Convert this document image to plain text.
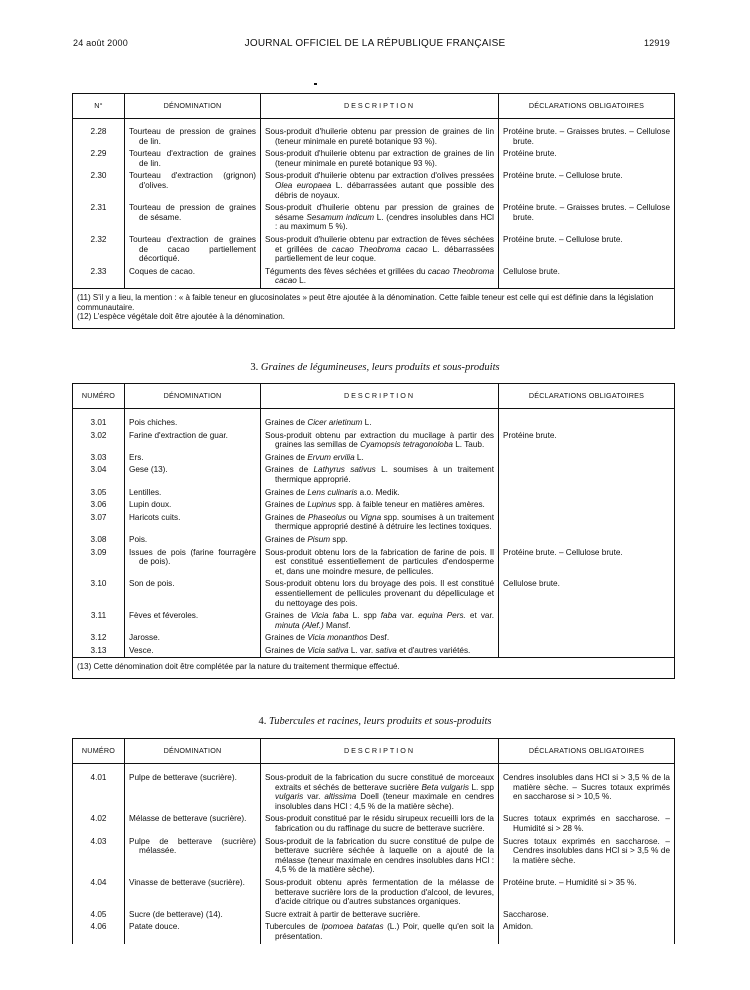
24 août 2000	JOURNAL OFFICIEL DE LA RÉPUBLIQUE FRANÇAISE	12919
N°	DÉNOMINATION	DESCRIPTION	DÉCLARATIONS OBLIGATOIRES

2.28	Tourteau de pression de graines de lin.	Sous-produit d'huilerie obtenu par pression de graines de lin (teneur minimale en pureté botanique 93 %).	Protéine brute. – Graisses brutes. – Cellulose brute.

2.29	Tourteau d'extraction de graines de lin.	Sous-produit d'huilerie obtenu par extraction de graines de lin (teneur minimale en pureté botanique 93 %).	Protéine brute.

2.30	Tourteau d'extraction (grignon) d'olives.	Sous-produit d'huilerie obtenu par extraction d'olives pressées Olea europaea L. débarrassées autant que possible des débris de noyaux.	Protéine brute. – Cellulose brute.

2.31	Tourteau de pression de graines de sésame.	Sous-produit d'huilerie obtenu par pression de graines de sésame Sesamum indicum L. (cendres insolubles dans HCl : au maximum 5 %).	Protéine brute. – Graisses brutes. – Cellulose brute.

2.32	Tourteau d'extraction de graines de cacao partiellement décortiqué.	Sous-produit d'huilerie obtenu par extraction de fèves séchées et grillées de cacao Theobroma cacao L. débarrassées partiellement de leur coque.	Protéine brute. – Cellulose brute.

2.33	Coques de cacao.	Téguments des fèves séchées et grillées du cacao Theobroma cacao L.	Cellulose brute.

(11) S'il y a lieu, la mention : « à faible teneur en glucosinolates » peut être ajoutée à la dénomination. Cette faible teneur est celle qui est définie dans la législation communautaire.
(12) L'espèce végétale doit être ajoutée à la dénomination.			
3. Graines de légumineuses, leurs produits et sous-produits
NUMÉRO	DÉNOMINATION	DESCRIPTION	DÉCLARATIONS OBLIGATOIRES

3.01	Pois chiches.	Graines de Cicer arietinum L.	

3.02	Farine d'extraction de guar.	Sous-produit obtenu par extraction du mucilage à partir des graines las semillas de Cyamopsis tetragonoloba L. Taub.	Protéine brute.

3.03	Ers.	Graines de Ervum ervilia L.	

3.04	Gese (13).	Graines de Lathyrus sativus L. soumises à un traitement thermique approprié.	

3.05	Lentilles.	Graines de Lens culinaris a.o. Medik.	

3.06	Lupin doux.	Graines de Lupinus spp. à faible teneur en matières amères.	

3.07	Haricots cuits.	Graines de Phaseolus ou Vigna spp. soumises à un traitement thermique approprié destiné à détruire les lectines toxiques.	

3.08	Pois.	Graines de Pisum spp.	

3.09	Issues de pois (farine fourragère de pois).	Sous-produit obtenu lors de la fabrication de farine de pois. Il est constitué essentiellement de particules d'endosperme et, dans une moindre mesure, de pellicules.	Protéine brute. – Cellulose brute.

3.10	Son de pois.	Sous-produit obtenu lors du broyage des pois. Il est constitué essentiellement de pellicules provenant du dépelliculage et du nettoyage des pois.	Cellulose brute.

3.11	Fèves et féveroles.	Graines de Vicia faba L. spp faba var. equina Pers. et var. minuta (Alef.) Mansf.	

3.12	Jarosse.	Graines de Vicia monanthos Desf.	

3.13	Vesce.	Graines de Vicia sativa L. var. sativa et d'autres variétés.	

(13) Cette dénomination doit être complétée par la nature du traitement thermique effectué.			
4. Tubercules et racines, leurs produits et sous-produits
NUMÉRO	DÉNOMINATION	DESCRIPTION	DÉCLARATIONS OBLIGATOIRES

4.01	Pulpe de betterave (sucrière).	Sous-produit de la fabrication du sucre constitué de morceaux extraits et séchés de betterave sucrière Beta vulgaris L. spp vulgaris var. altissima Doell (teneur maximale en cendres insolubles dans HCl : 4,5 % de la matière sèche).	Cendres insolubles dans HCl si > 3,5 % de la matière sèche. – Sucres totaux exprimés en saccharose si > 10,5 %.

4.02	Mélasse de betterave (sucrière).	Sous-produit constitué par le résidu sirupeux recueilli lors de la fabrication ou du raffinage du sucre de betterave sucrière.	Sucres totaux exprimés en saccharose. – Humidité si > 28 %.

4.03	Pulpe de betterave (sucrière) mélassée.	Sous-produit de la fabrication du sucre constitué de pulpe de betterave sucrière séchée à laquelle on a ajouté de la mélasse (teneur maximale en cendres insolubles dans HCl : 4,5 % de la matière sèche).	Sucres totaux exprimés en saccharose. – Cendres insolubles dans HCl si > 3,5 % de la matière sèche.

4.04	Vinasse de betterave (sucrière).	Sous-produit obtenu après fermentation de la mélasse de betterave sucrière lors de la production d'alcool, de levures, d'acide citrique ou d'autres substances organiques.	Protéine brute. – Humidité si > 35 %.

4.05	Sucre (de betterave) (14).	Sucre extrait à partir de betterave sucrière.	Saccharose.

4.06	Patate douce.	Tubercules de Ipomoea batatas (L.) Poir, quelle qu'en soit la présentation.	Amidon.
